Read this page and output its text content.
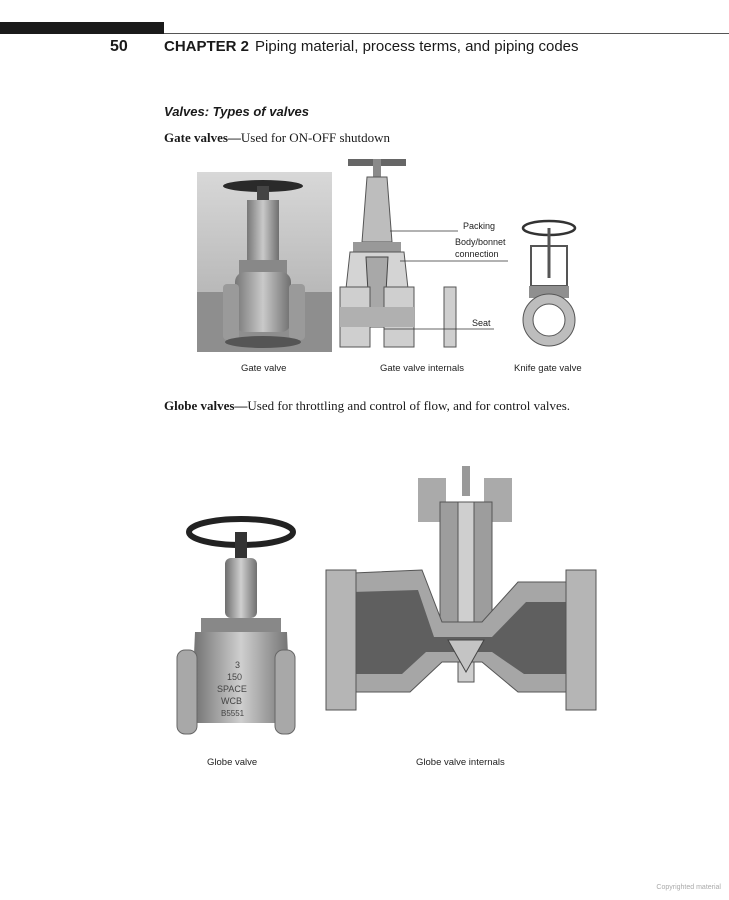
50 CHAPTER 2 Piping material, process terms, and piping codes
Valves: Types of valves
Gate valves—Used for ON-OFF shutdown
Packing
Body/bonnet
connection
Seat
Gate valve	Gate valve internals	Knife gate valve
Globe valves—Used for throttling and control of flow, and for control valves.
3
150
SPACE
WCB
B5551
Globe valve	Globe valve internals
Copyrighted material
